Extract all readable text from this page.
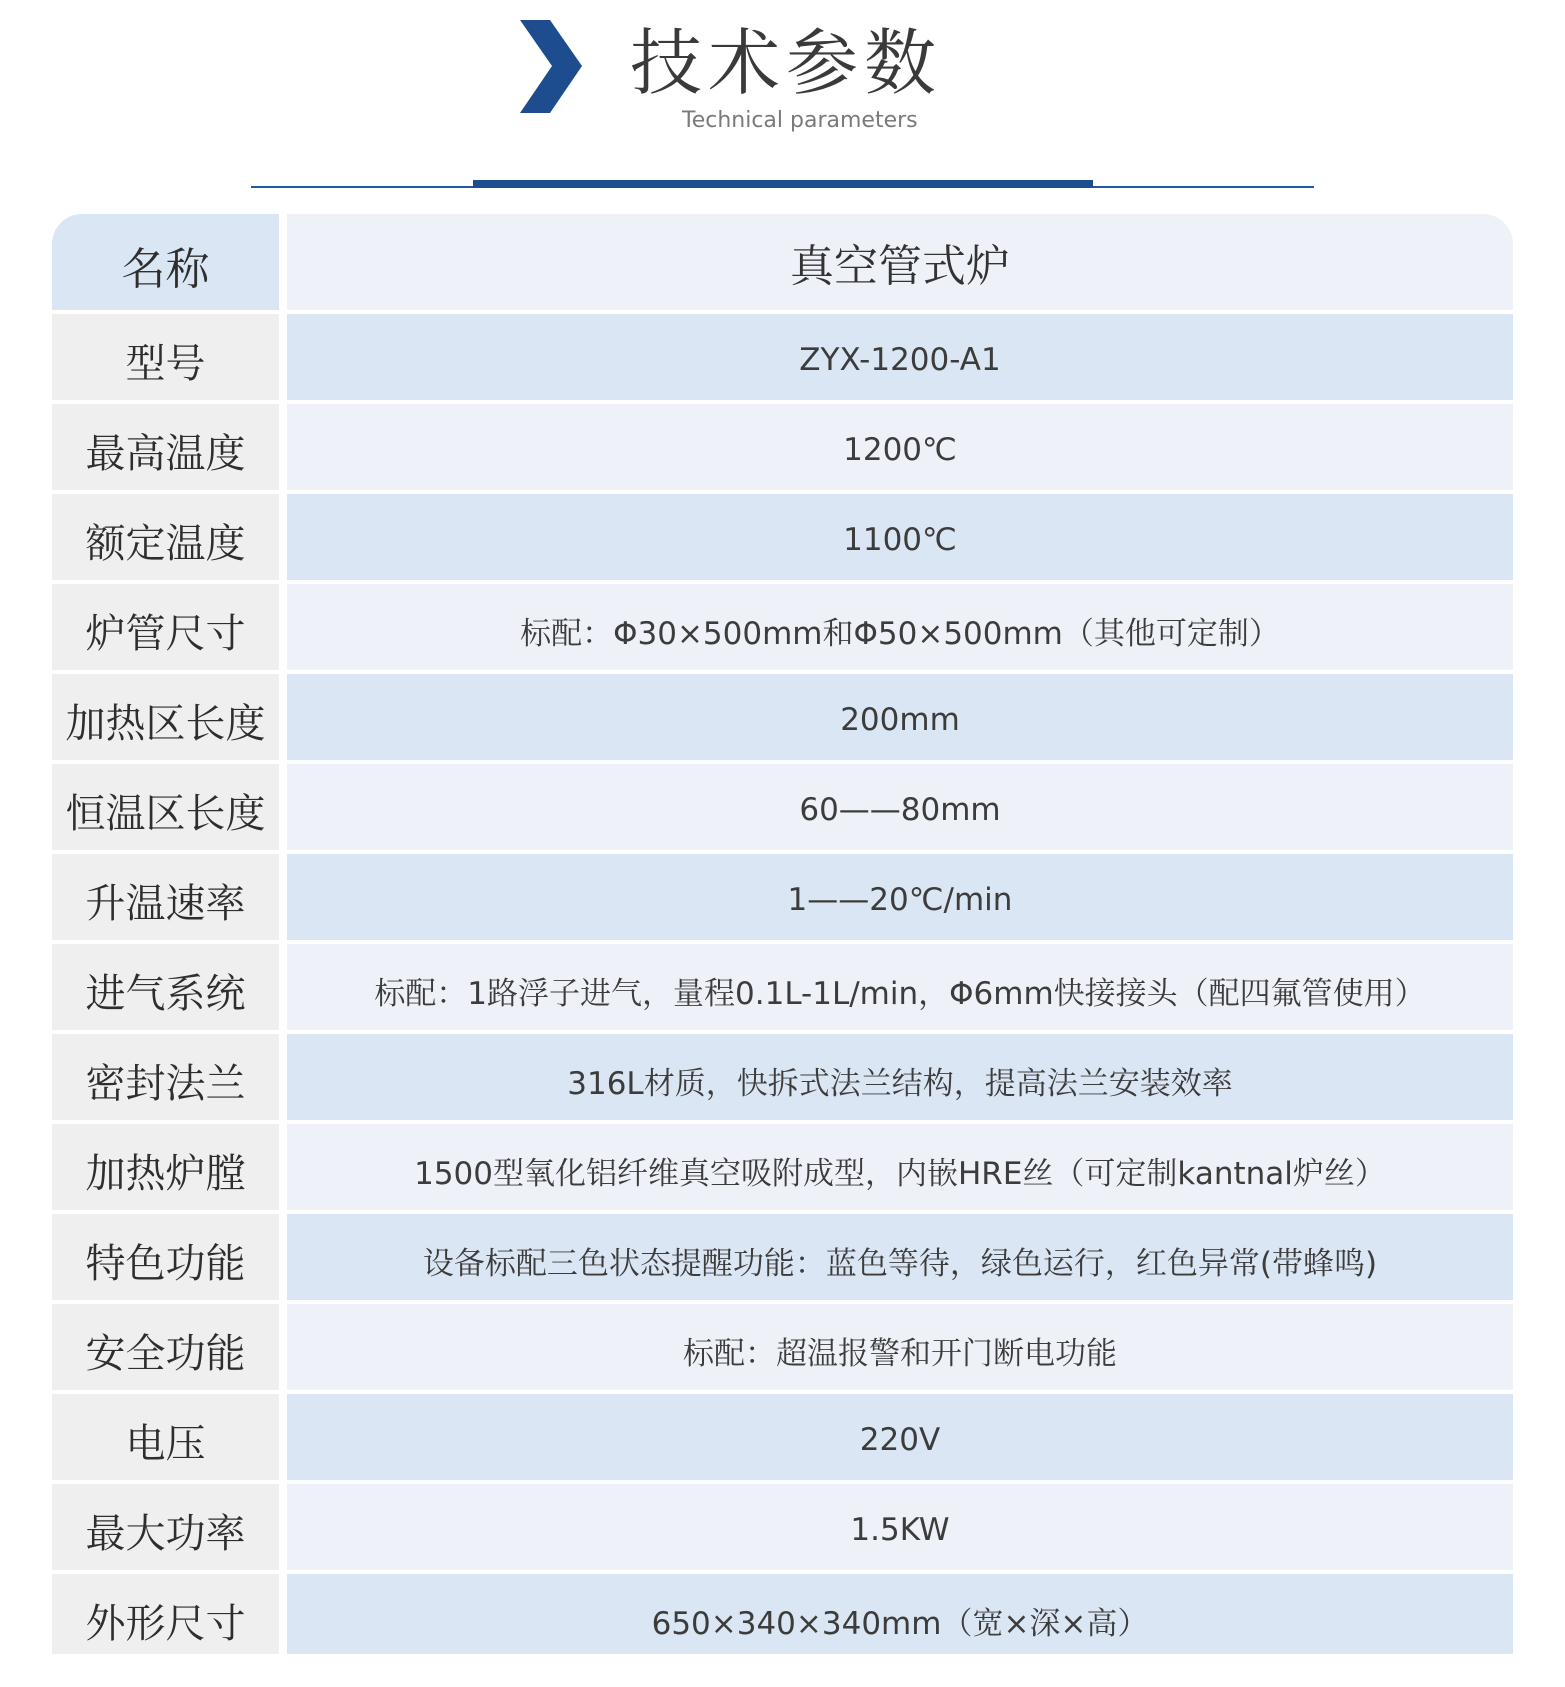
技术参数
Technical parameters
名称	真空管式炉
型号	ZYX-1200-A1
最高温度	1200℃
额定温度	1100℃
炉管尺寸	标配：Φ30×500mm和Φ50×500mm（其他可定制）
加热区长度	200mm
恒温区长度	60——80mm
升温速率	1——20℃/min
进气系统	标配：1路浮子进气，量程0.1L-1L/min，Φ6mm快接接头（配四氟管使用）
密封法兰	316L材质，快拆式法兰结构，提高法兰安装效率
加热炉膛	1500型氧化铝纤维真空吸附成型，内嵌HRE丝（可定制kantnal炉丝）
特色功能	设备标配三色状态提醒功能：蓝色等待，绿色运行，红色异常(带蜂鸣)
安全功能	标配：超温报警和开门断电功能
电压	220V
最大功率	1.5KW
外形尺寸	650×340×340mm（宽×深×高）
